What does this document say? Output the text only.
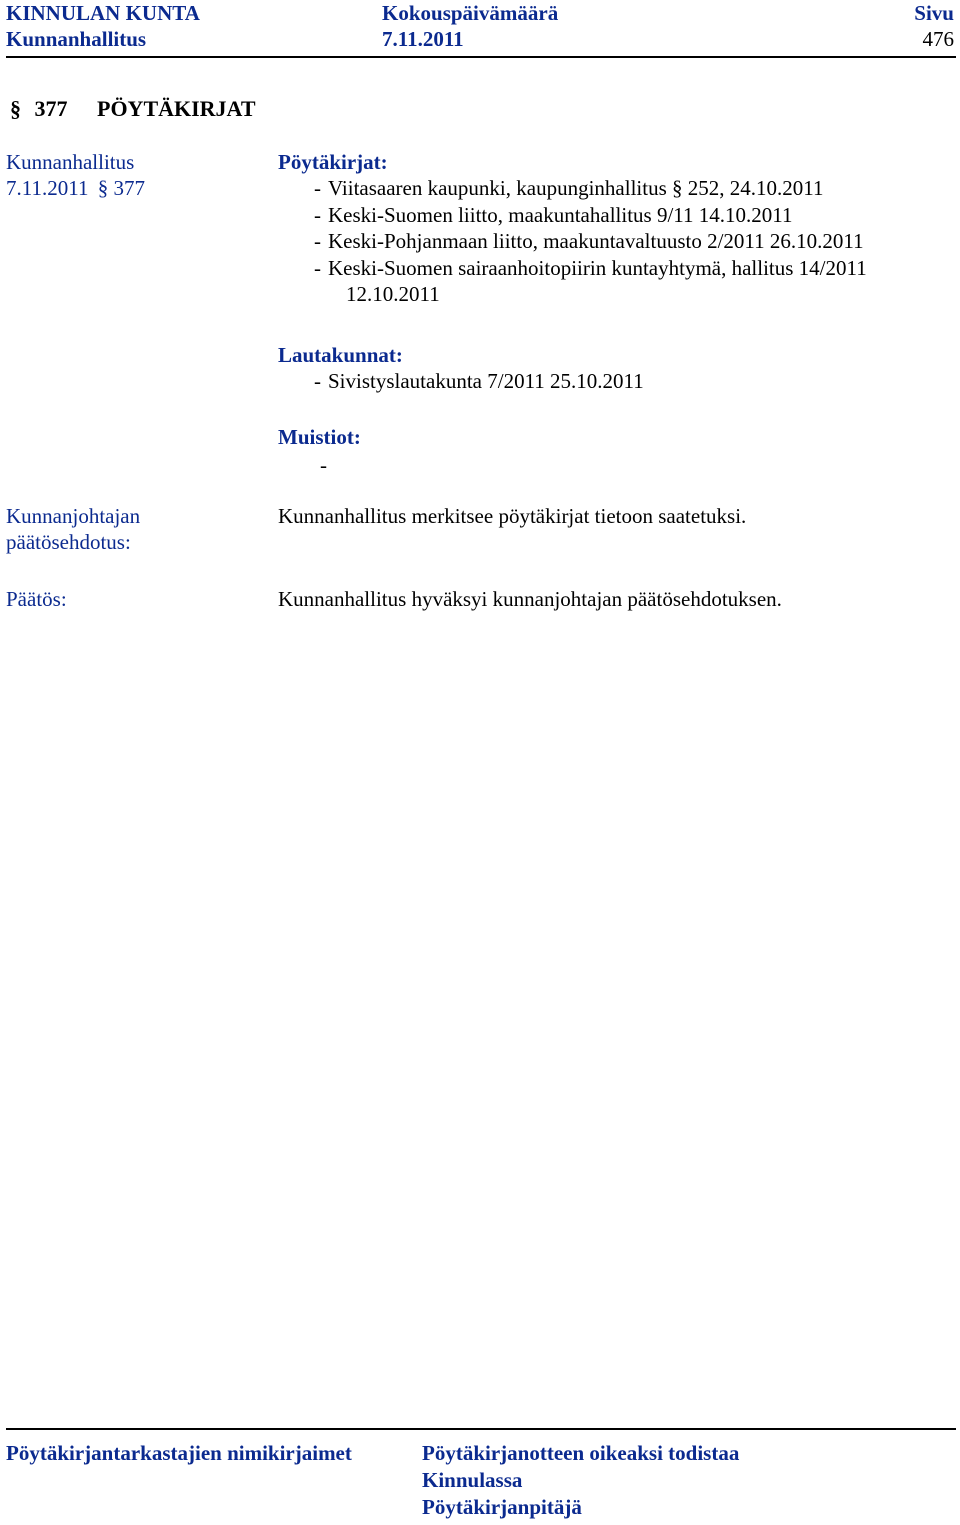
KINNULAN KUNTA
Kunnanhallitus
Kokouspäivämäärä
7.11.2011
Sivu
476
§ 377 PÖYTÄKIRJAT
Kunnanhallitus
7.11.2011 § 377
Pöytäkirjat:
- Viitasaaren kaupunki, kaupunginhallitus § 252, 24.10.2011
- Keski-Suomen liitto, maakuntahallitus 9/11 14.10.2011
- Keski-Pohjanmaan liitto, maakuntavaltuusto 2/2011 26.10.2011
- Keski-Suomen sairaanhoitopiirin kuntayhtymä, hallitus 14/2011
12.10.2011
Lautakunnat:
- Sivistyslautakunta 7/2011 25.10.2011
Muistiot:
-
Kunnanjohtajan
päätösehdotus:
Kunnanhallitus merkitsee pöytäkirjat tietoon saatetuksi.
Päätös:	Kunnanhallitus hyväksyi kunnanjohtajan päätösehdotuksen.
Pöytäkirjantarkastajien nimikirjaimet	Pöytäkirjanotteen oikeaksi todistaa
Kinnulassa
Pöytäkirjanpitäjä
